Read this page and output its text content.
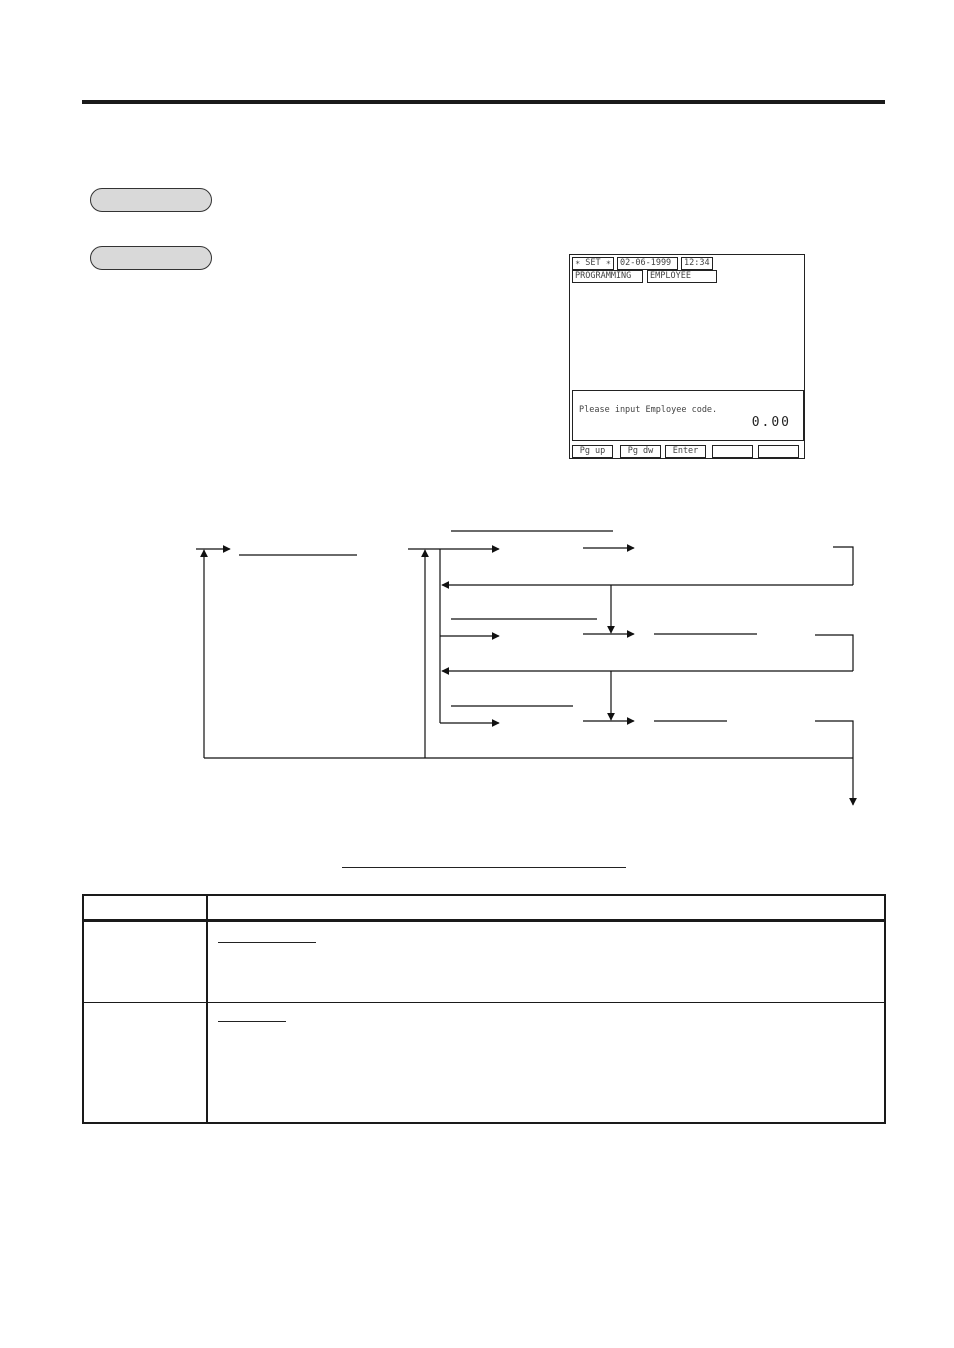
∗ SET ∗	02-06-1999	12:34
PROGRAMMING	EMPLOYEE
Please input Employee code.
0.00
Pg up	Pg dw	Enter
